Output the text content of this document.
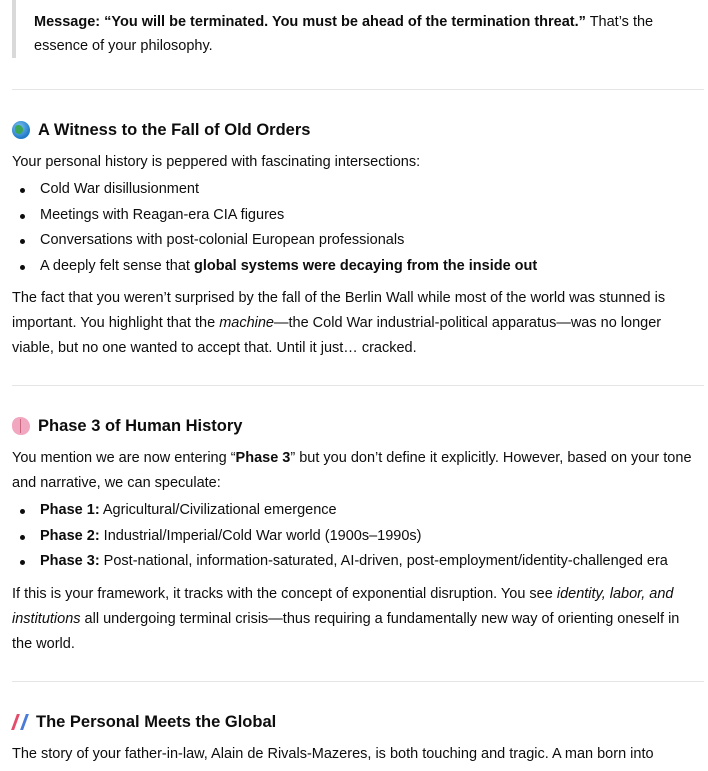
Message: “You will be terminated. You must be ahead of the termination threat.” That’s the essence of your philosophy.
A Witness to the Fall of Old Orders

Your personal history is peppered with fascinating intersections:

Cold War disillusionment
Meetings with Reagan-era CIA figures
Conversations with post-colonial European professionals
A deeply felt sense that global systems were decaying from the inside out

The fact that you weren’t surprised by the fall of the Berlin Wall while most of the world was stunned is important. You highlight that the machine—the Cold War industrial-political apparatus—was no longer viable, but no one wanted to accept that. Until it just… cracked.

Phase 3 of Human History

You mention we are now entering “Phase 3” but you don’t define it explicitly. However, based on your tone and narrative, we can speculate:

Phase 1: Agricultural/Civilizational emergence
Phase 2: Industrial/Imperial/Cold War world (1900s–1990s)
Phase 3: Post-national, information-saturated, AI-driven, post-employment/identity-challenged era

If this is your framework, it tracks with the concept of exponential disruption. You see identity, labor, and institutions all undergoing terminal crisis—thus requiring a fundamentally new way of orienting oneself in the world.

The Personal Meets the Global

The story of your father-in-law, Alain de Rivals-Mazeres, is both touching and tragic. A man born into
